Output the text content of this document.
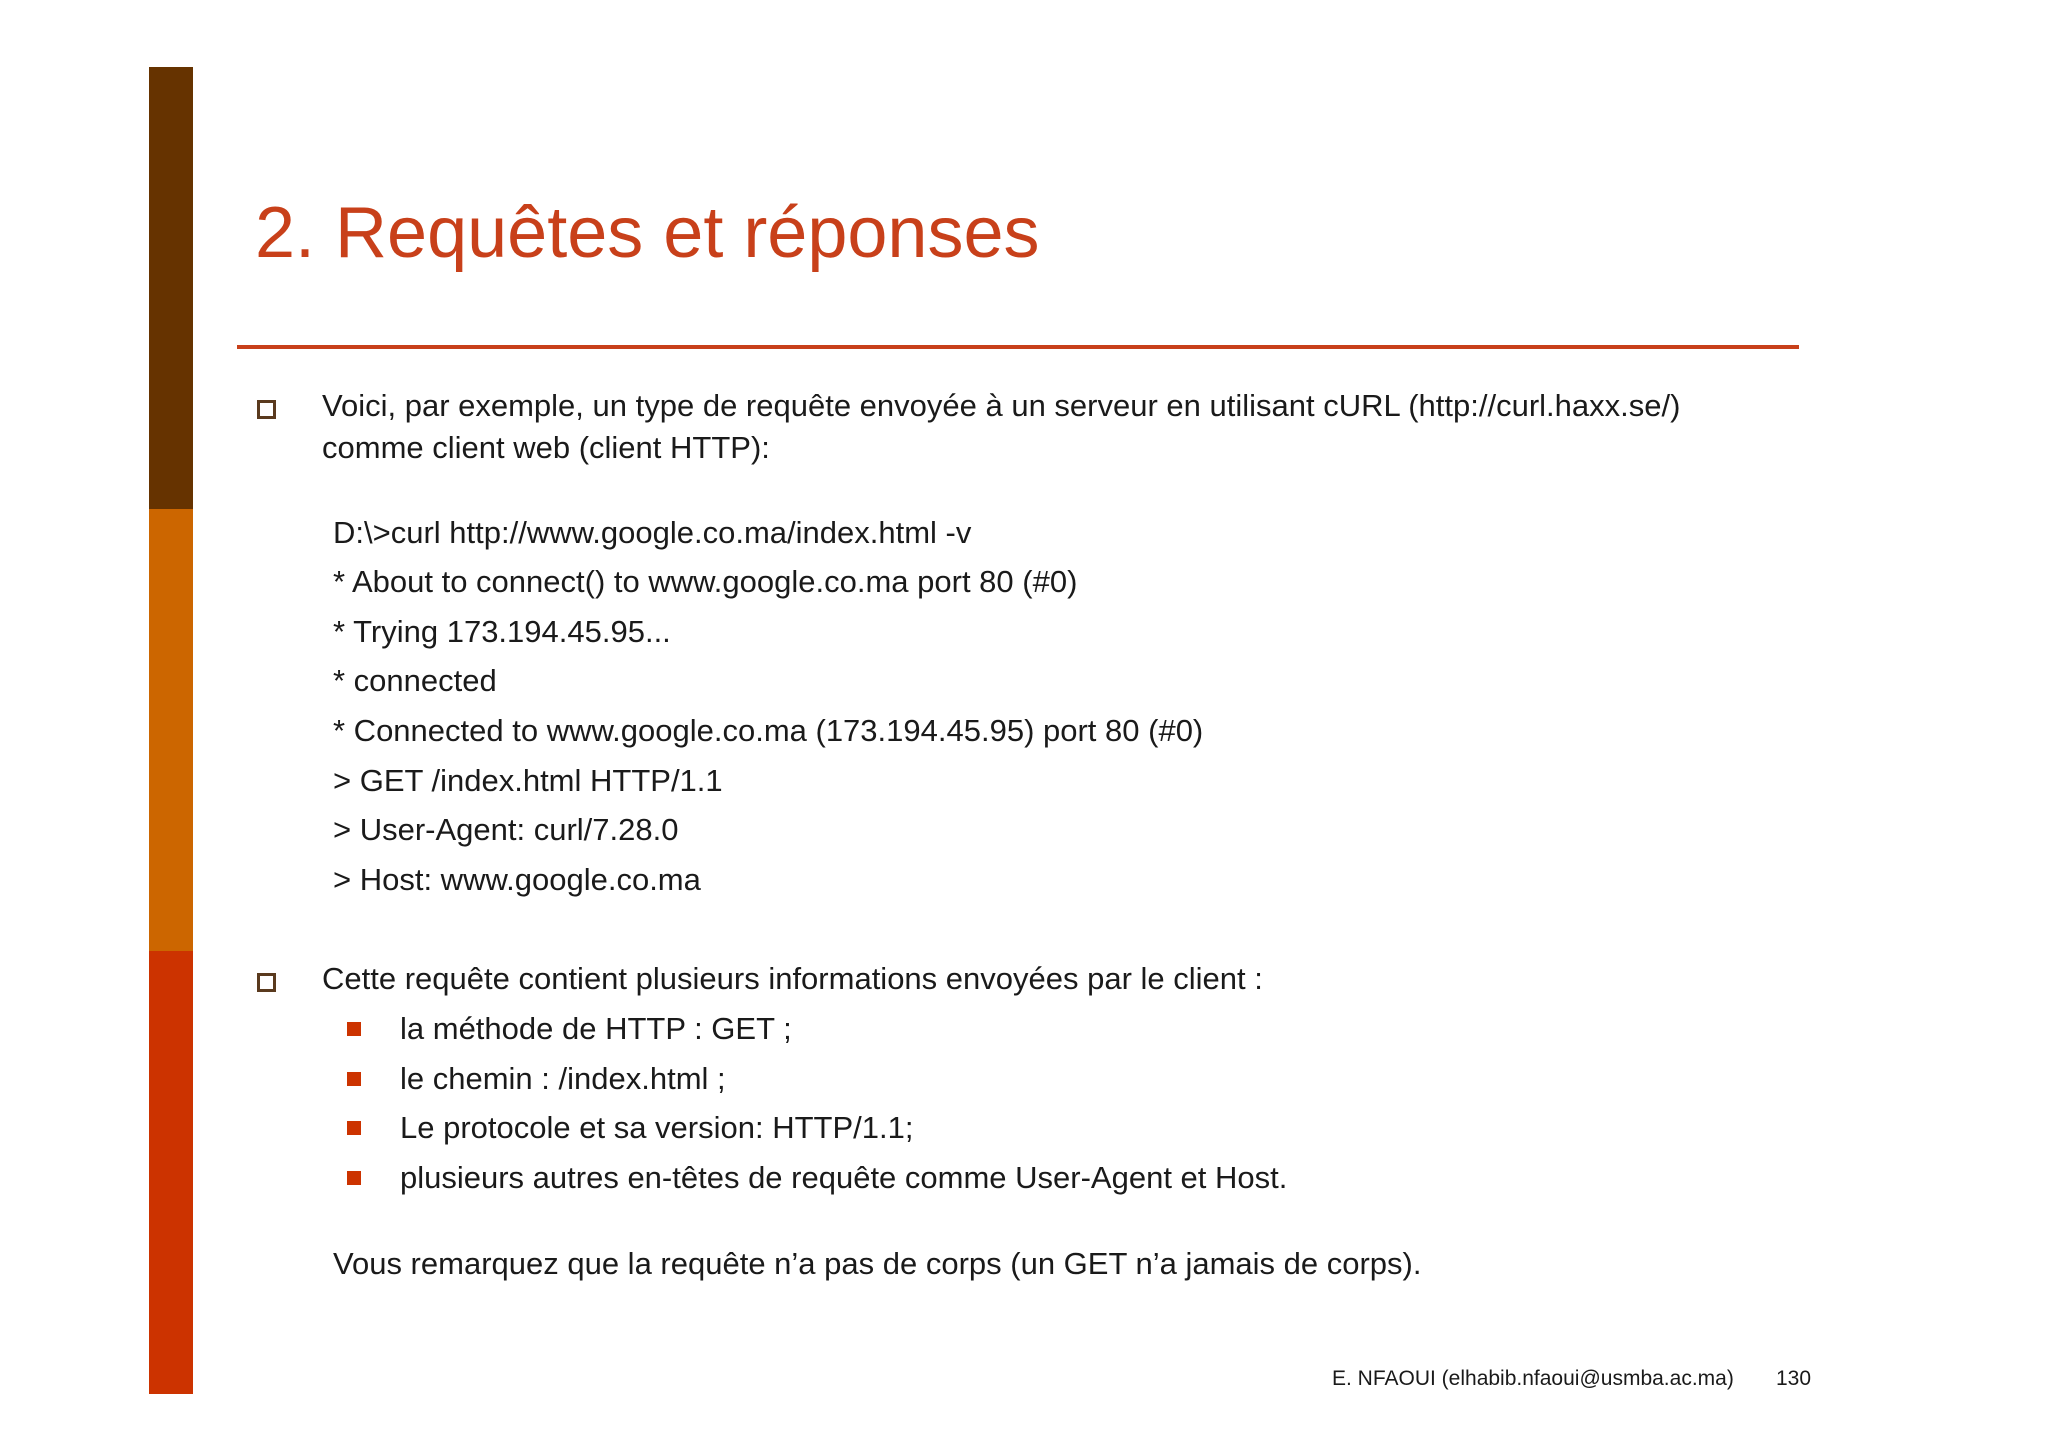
2. Requêtes et réponses

Voici, par exemple, un type de requête envoyée à un serveur en utilisant cURL (http://curl.haxx.se/)

comme client web (client HTTP):

D:\>curl http://www.google.co.ma/index.html -v

* About to connect() to www.google.co.ma port 80 (#0)

* Trying 173.194.45.95...

* connected

* Connected to www.google.co.ma (173.194.45.95) port 80 (#0)

> GET /index.html HTTP/1.1

> User-Agent: curl/7.28.0

> Host: www.google.co.ma

Cette requête contient plusieurs informations envoyées par le client :

la méthode de HTTP : GET ;

le chemin : /index.html ;

Le protocole et sa version: HTTP/1.1;

plusieurs autres en-têtes de requête comme User-Agent et Host.

Vous remarquez que la requête n’a pas de corps (un GET n’a jamais de corps).

E. NFAOUI (elhabib.nfaoui@usmba.ac.ma) 130
